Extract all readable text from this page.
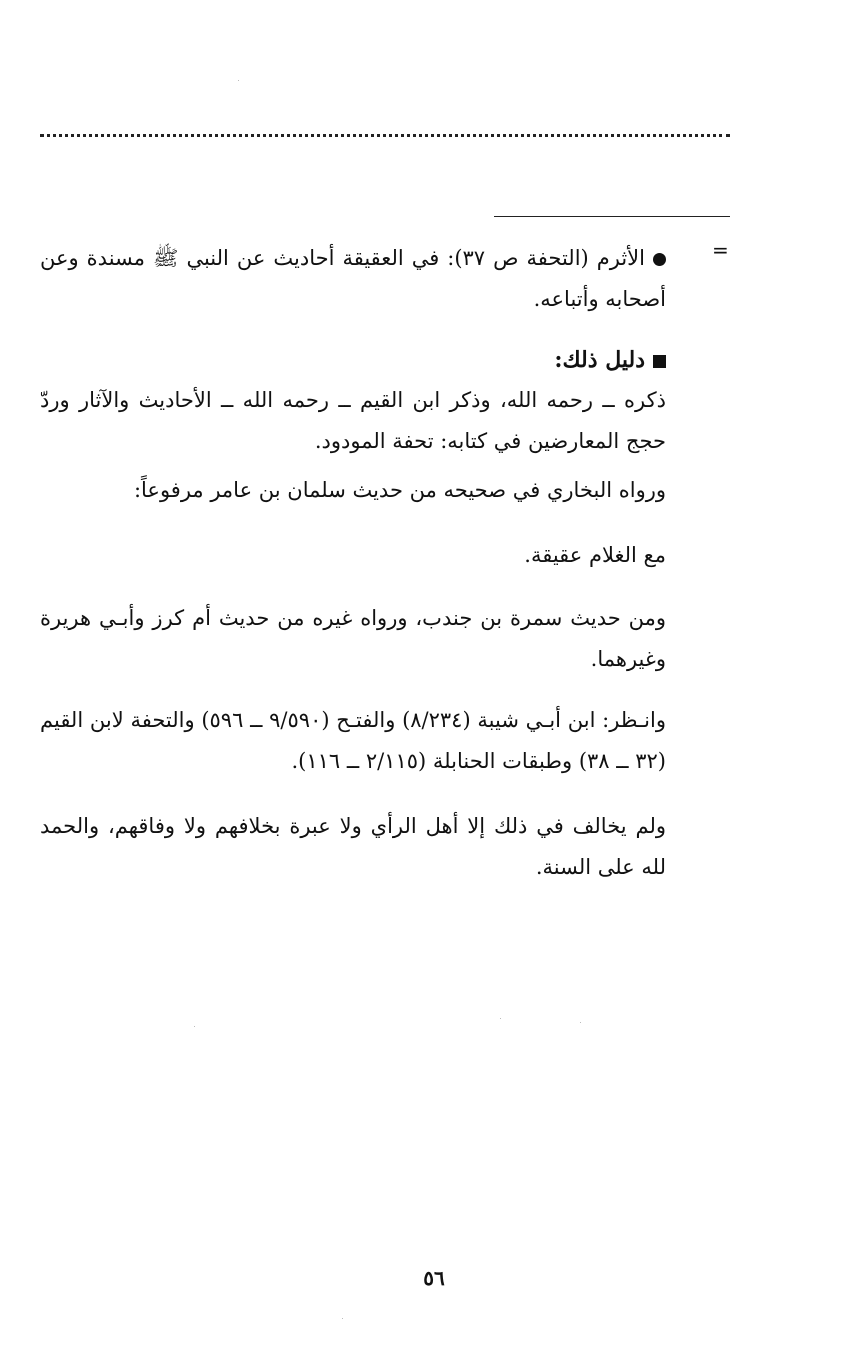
=

الأثرم (التحفة ص ٣٧): في العقيقة أحاديث عن النبي ﷺ مسندة وعن أصحابه وأتباعه.

دليل ذلك:

ذكره ــ رحمه الله، وذكر ابن القيم ــ رحمه الله ــ الأحاديث والآثار وردّ حجج المعارضين في كتابه: تحفة المودود.

ورواه البخاري في صحيحه من حديث سلمان بن عامر مرفوعاً:

مع الغلام عقيقة.

ومن حديث سمرة بن جندب، ورواه غيره من حديث أم كرز وأبـي هريرة وغيرهما.

وانـظر: ابن أبـي شيبة (٨/٢٣٤) والفتـح (٩/٥٩٠ ــ ٥٩٦) والتحفة لابن القيم (٣٢ ــ ٣٨) وطبقات الحنابلة (٢/١١٥ ــ ١١٦).

ولم يخالف في ذلك إلا أهل الرأي ولا عبرة بخلافهم ولا وفاقهم، والحمد لله على السنة.

٥٦
